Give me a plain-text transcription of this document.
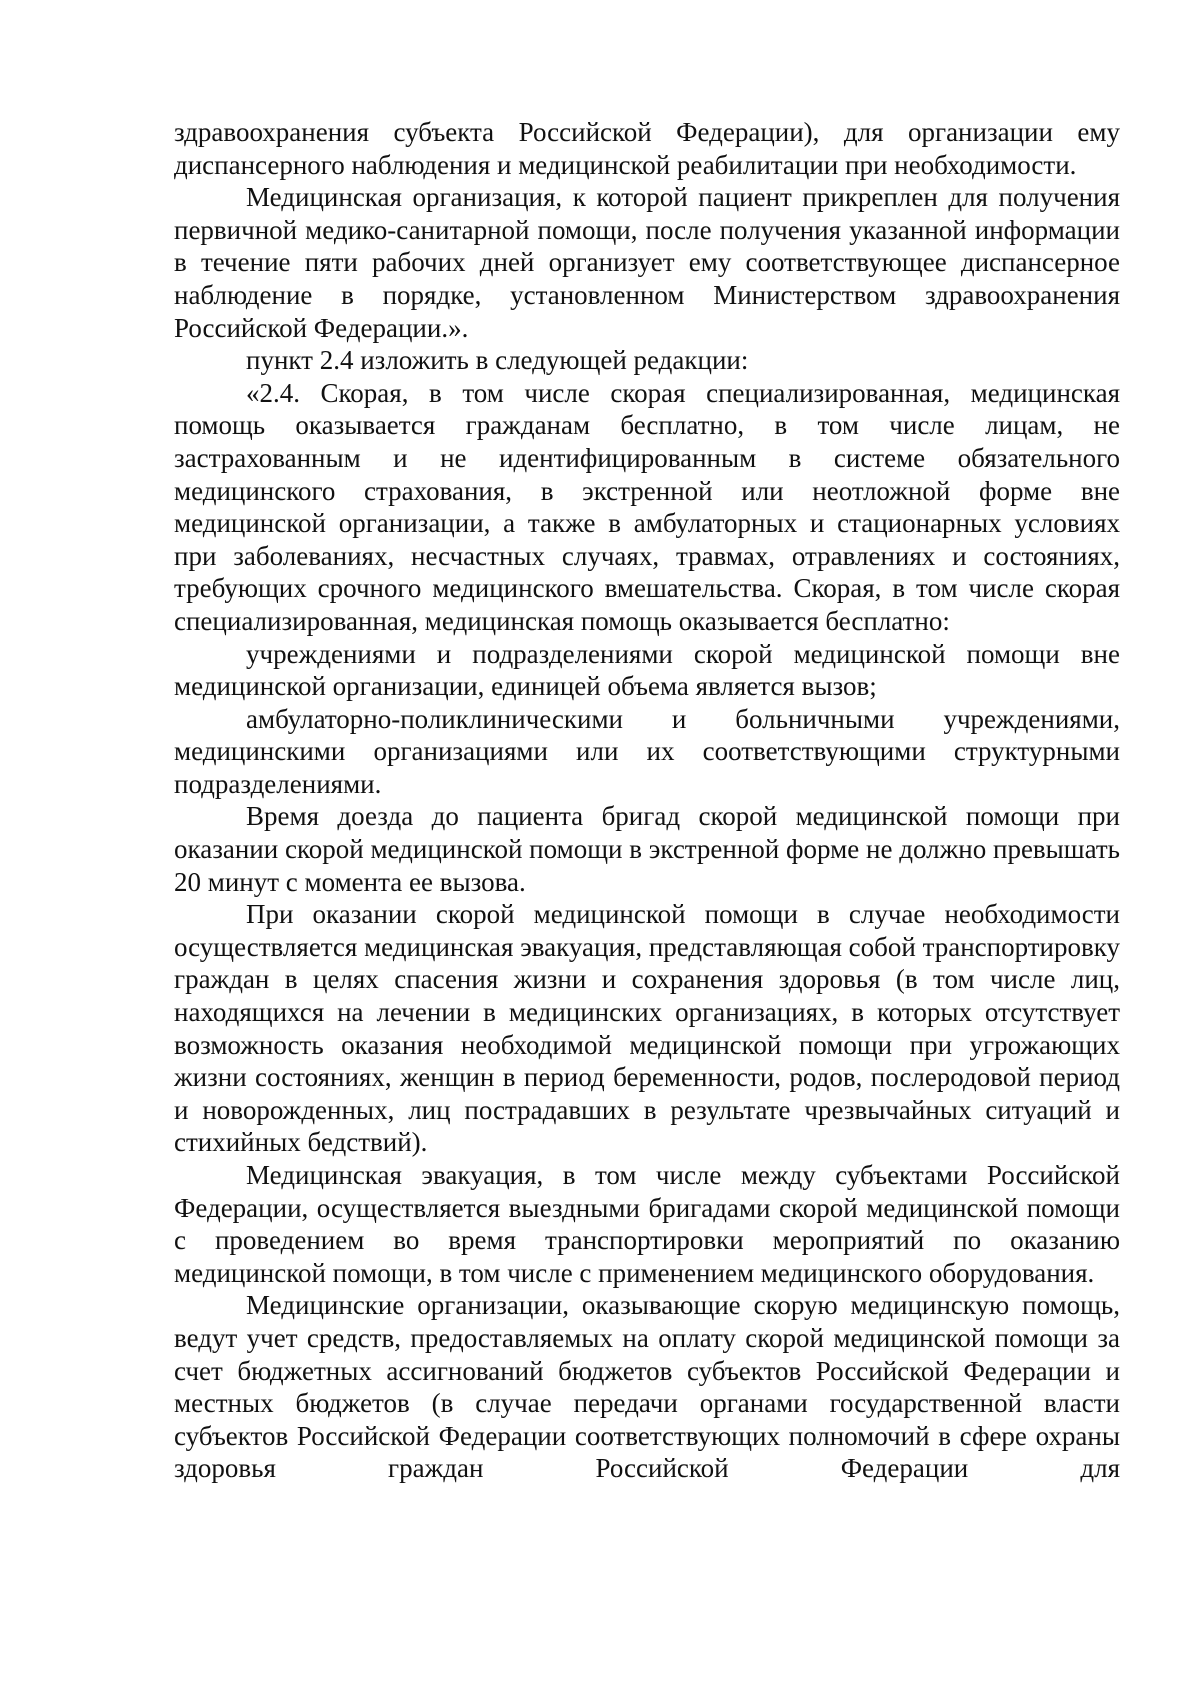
здравоохранения субъекта Российской Федерации), для организации ему диспансерного наблюдения и медицинской реабилитации при необходимости.

Медицинская организация, к которой пациент прикреплен для получения первичной медико-санитарной помощи, после получения указанной информации в течение пяти рабочих дней организует ему соответствующее диспансерное наблюдение в порядке, установленном Министерством здравоохранения Российской Федерации.».

пункт 2.4 изложить в следующей редакции:

«2.4. Скорая, в том числе скорая специализированная, медицинская помощь оказывается гражданам бесплатно, в том числе лицам, не застрахованным и не идентифицированным в системе обязательного медицинского страхования, в экстренной или неотложной форме вне медицинской организации, а также в амбулаторных и стационарных условиях при заболеваниях, несчастных случаях, травмах, отравлениях и состояниях, требующих срочного медицинского вмешательства. Скорая, в том числе скорая специализированная, медицинская помощь оказывается бесплатно:

учреждениями и подразделениями скорой медицинской помощи вне медицинской организации, единицей объема является вызов;

амбулаторно-поликлиническими и больничными учреждениями, медицинскими организациями или их соответствующими структурными подразделениями.

Время доезда до пациента бригад скорой медицинской помощи при оказании скорой медицинской помощи в экстренной форме не должно превышать 20 минут с момента ее вызова.

При оказании скорой медицинской помощи в случае необходимости осуществляется медицинская эвакуация, представляющая собой транспортировку граждан в целях спасения жизни и сохранения здоровья (в том числе лиц, находящихся на лечении в медицинских организациях, в которых отсутствует возможность оказания необходимой медицинской помощи при угрожающих жизни состояниях, женщин в период беременности, родов, послеродовой период и новорожденных, лиц пострадавших в результате чрезвычайных ситуаций и стихийных бедствий).

Медицинская эвакуация, в том числе между субъектами Российской Федерации, осуществляется выездными бригадами скорой медицинской помощи с проведением во время транспортировки мероприятий по оказанию медицинской помощи, в том числе с применением медицинского оборудования.

Медицинские организации, оказывающие скорую медицинскую помощь, ведут учет средств, предоставляемых на оплату скорой медицинской помощи за счет бюджетных ассигнований бюджетов субъектов Российской Федерации и местных бюджетов (в случае передачи органами государственной власти субъектов Российской Федерации соответствующих полномочий в сфере охраны здоровья граждан Российской Федерации для
